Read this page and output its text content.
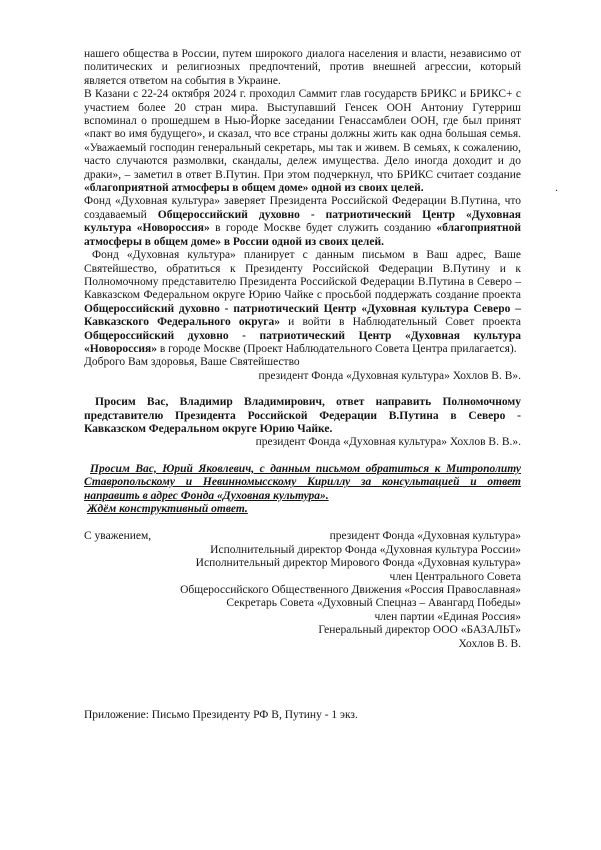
нашего общества в России, путем широкого диалога населения и власти, независимо от политических и религиозных предпочтений, против внешней агрессии, который является ответом на события в Украине.
В Казани с 22-24 октября 2024 г. проходил Саммит глав государств БРИКС и БРИКС+ с участием более 20 стран мира. Выступавший Генсек ООН Антониу Гутерриш вспоминал о прошедшем в Нью-Йорке заседании Генассамблеи ООН, где был принят «пакт во имя будущего», и сказал, что все страны должны жить как одна большая семья. «Уважаемый господин генеральный секретарь, мы так и живем. В семьях, к сожалению, часто случаются размолвки, скандалы, дележ имущества. Дело иногда доходит и до драки», – заметил в ответ В.Путин. При этом подчеркнул, что БРИКС считает создание «благоприятной атмосферы в общем доме» одной из своих целей.	.
Фонд «Духовная культура» заверяет Президента Российской Федерации В.Путина, что создаваемый Общероссийский духовно - патриотический Центр «Духовная культура «Новороссия» в городе Москве будет служить созданию «благоприятной атмосферы в общем доме» в России одной из своих целей.
Фонд «Духовная культура» планирует с данным письмом в Ваш адрес, Ваше Святейшество, обратиться к Президенту Российской Федерации В.Путину и к Полномочному представителю Президента Российской Федерации В.Путина в Северо – Кавказском Федеральном округе Юрию Чайке с просьбой поддержать создание проекта Общероссийский духовно - патриотический Центр «Духовная культура Северо – Кавказского Федерального округа» и войти в Наблюдательный Совет проекта Общероссийский духовно - патриотический Центр «Духовная культура «Новороссия» в городе Москве (Проект Наблюдательного Совета Центра прилагается).
Доброго Вам здоровья, Ваше Святейшество
президент Фонда «Духовная культура» Хохлов В. В».
Просим Вас, Владимир Владимирович, ответ направить Полномочному представителю Президента Российской Федерации В.Путина в Северо - Кавказском Федеральном округе Юрию Чайке.
президент Фонда «Духовная культура» Хохлов В. В.».
Просим Вас, Юрий Яковлевич, с данным письмом обратиться к Митрополиту Ставропольскому и Невинномысскому Кириллу за консультацией и ответ направить в адрес Фонда «Духовная культура».
Ждём конструктивный ответ.
С уважением,	президент Фонда «Духовная культура»
Исполнительный директор Фонда «Духовная культура России»
Исполнительный директор Мирового Фонда «Духовная культура»
член Центрального Совета
Общероссийского Общественного Движения «Россия Православная»
Секретарь Совета «Духовный Спецназ – Авангард Победы»
член партии «Единая Россия»
Генеральный директор ООО «БАЗАЛЬТ»
Хохлов В. В.
Приложение: Письмо Президенту РФ В, Путину - 1 экз.
